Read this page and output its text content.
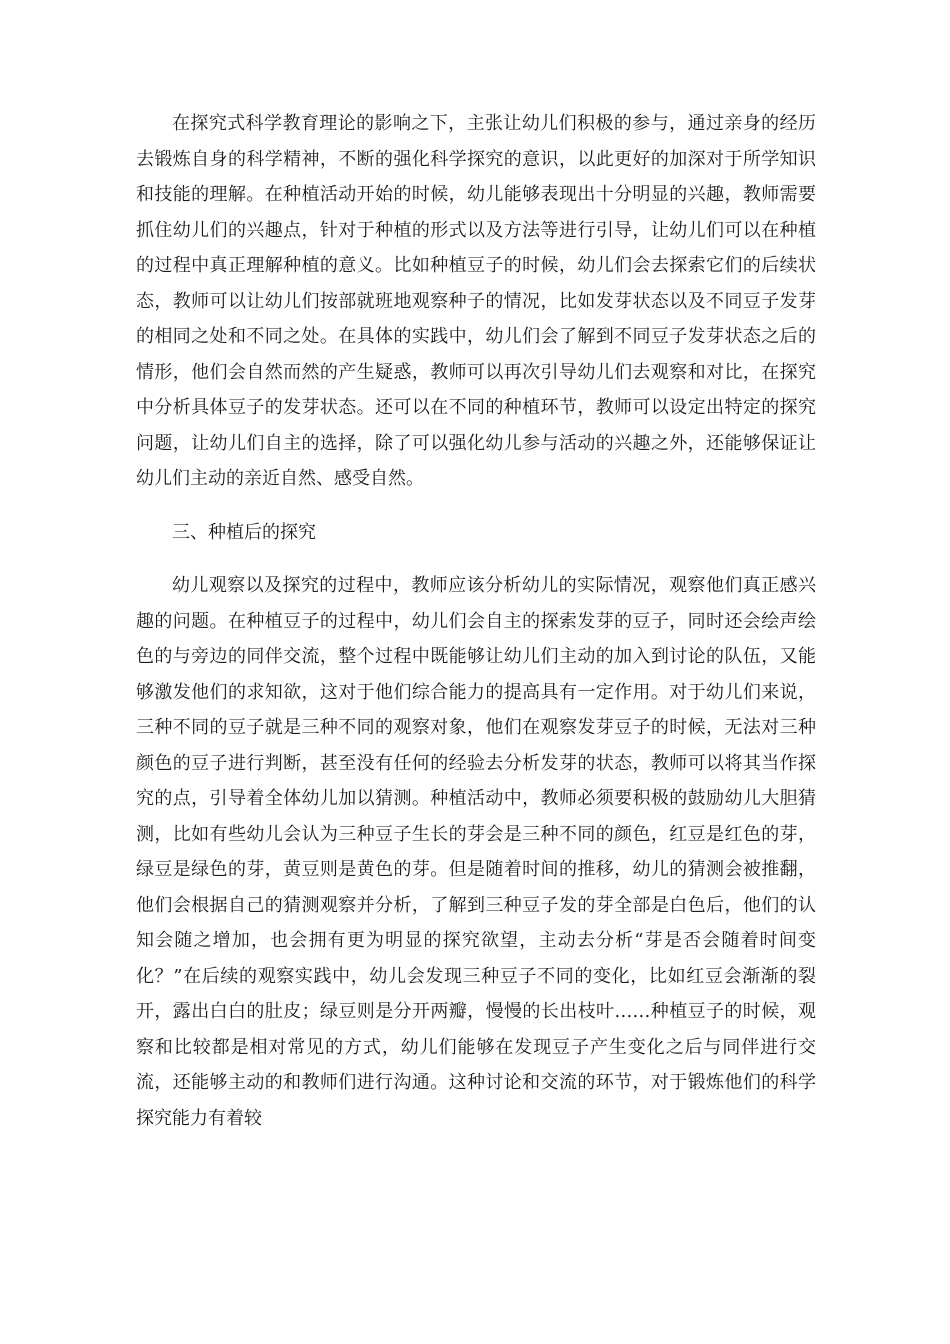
在探究式科学教育理论的影响之下，主张让幼儿们积极的参与，通过亲身的经历去锻炼自身的科学精神，不断的强化科学探究的意识，以此更好的加深对于所学知识和技能的理解。在种植活动开始的时候，幼儿能够表现出十分明显的兴趣，教师需要抓住幼儿们的兴趣点，针对于种植的形式以及方法等进行引导，让幼儿们可以在种植的过程中真正理解种植的意义。比如种植豆子的时候，幼儿们会去探索它们的后续状态，教师可以让幼儿们按部就班地观察种子的情况，比如发芽状态以及不同豆子发芽的相同之处和不同之处。在具体的实践中，幼儿们会了解到不同豆子发芽状态之后的情形，他们会自然而然的产生疑惑，教师可以再次引导幼儿们去观察和对比，在探究中分析具体豆子的发芽状态。还可以在不同的种植环节，教师可以设定出特定的探究问题，让幼儿们自主的选择，除了可以强化幼儿参与活动的兴趣之外，还能够保证让幼儿们主动的亲近自然、感受自然。

三、种植后的探究

幼儿观察以及探究的过程中，教师应该分析幼儿的实际情况，观察他们真正感兴趣的问题。在种植豆子的过程中，幼儿们会自主的探索发芽的豆子，同时还会绘声绘色的与旁边的同伴交流，整个过程中既能够让幼儿们主动的加入到讨论的队伍，又能够激发他们的求知欲，这对于他们综合能力的提高具有一定作用。对于幼儿们来说，三种不同的豆子就是三种不同的观察对象，他们在观察发芽豆子的时候，无法对三种颜色的豆子进行判断，甚至没有任何的经验去分析发芽的状态，教师可以将其当作探究的点，引导着全体幼儿加以猜测。种植活动中，教师必须要积极的鼓励幼儿大胆猜测，比如有些幼儿会认为三种豆子生长的芽会是三种不同的颜色，红豆是红色的芽，绿豆是绿色的芽，黄豆则是黄色的芽。但是随着时间的推移，幼儿的猜测会被推翻，他们会根据自己的猜测观察并分析，了解到三种豆子发的芽全部是白色后，他们的认知会随之增加，也会拥有更为明显的探究欲望，主动去分析“芽是否会随着时间变化？”在后续的观察实践中，幼儿会发现三种豆子不同的变化，比如红豆会渐渐的裂开，露出白白的肚皮；绿豆则是分开两瓣，慢慢的长出枝叶……种植豆子的时候，观察和比较都是相对常见的方式，幼儿们能够在发现豆子产生变化之后与同伴进行交流，还能够主动的和教师们进行沟通。这种讨论和交流的环节，对于锻炼他们的科学探究能力有着较
